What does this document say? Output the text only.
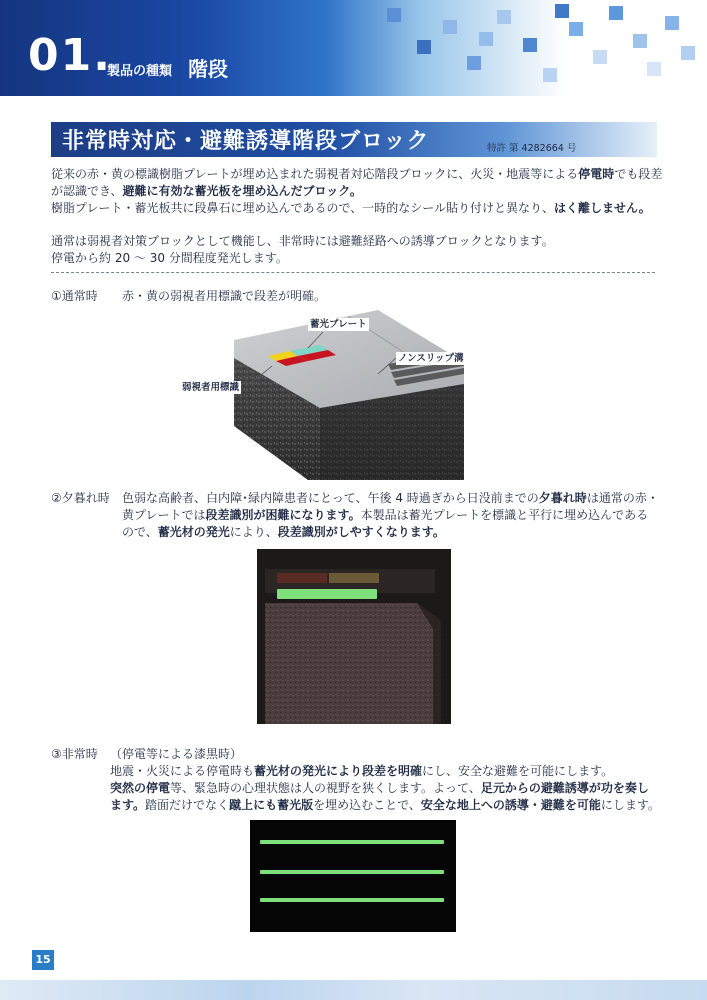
01.
製品の種類 階段
非常時対応・避難誘導階段ブロック	特許 第 4282664 号
従来の赤・黄の標識樹脂プレートが埋め込まれた弱視者対応階段ブロックに、火災・地震等による停電時でも段差
が認識でき、避難に有効な蓄光板を埋め込んだブロック。
樹脂プレート・蓄光板共に段鼻石に埋め込んであるので、一時的なシール貼り付けと異なり、はく離しません。
通常は弱視者対策ブロックとして機能し、非常時には避難経路への誘導ブロックとなります。
停電から約 20 ～ 30 分間程度発光します。
①通常時 赤・黄の弱視者用標識で段差が明確。
蓄光プレート
ノンスリップ溝
弱視者用標識
②夕暮れ時 色弱な高齢者、白内障･緑内障患者にとって、午後 4 時過ぎから日没前までの夕暮れ時は通常の赤・
黄プレートでは段差識別が困難になります。本製品は蓄光プレートを標識と平行に埋め込んである
ので、蓄光材の発光により、段差識別がしやすくなります。
③非常時 （停電等による漆黒時）
地震・火災による停電時も蓄光材の発光により段差を明確にし、安全な避難を可能にします。
突然の停電等、緊急時の心理状態は人の視野を狭くします。よって、足元からの避難誘導が功を奏し
ます。踏面だけでなく蹴上にも蓄光版を埋め込むことで、安全な地上への誘導・避難を可能にします。
15
